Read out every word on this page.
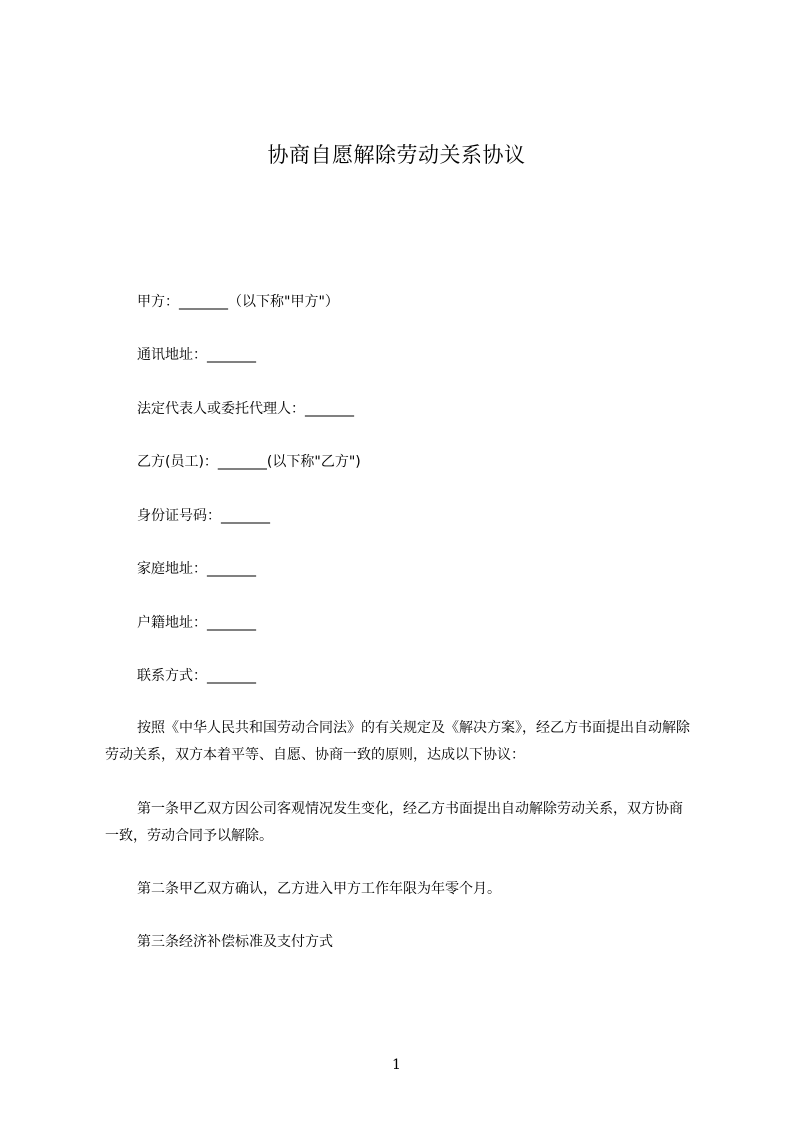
协商自愿解除劳动关系协议
甲方：_______（以下称"甲方"）
通讯地址：_______
法定代表人或委托代理人：_______
乙方(员工)：_______(以下称"乙方")
身份证号码：_______
家庭地址：_______
户籍地址：_______
联系方式：_______
按照《中华人民共和国劳动合同法》的有关规定及《解决方案》，经乙方书面提出自动解除劳动关系，双方本着平等、自愿、协商一致的原则，达成以下协议：
第一条甲乙双方因公司客观情况发生变化，经乙方书面提出自动解除劳动关系，双方协商一致，劳动合同予以解除。
第二条甲乙双方确认，乙方进入甲方工作年限为年零个月。
第三条经济补偿标准及支付方式
1
